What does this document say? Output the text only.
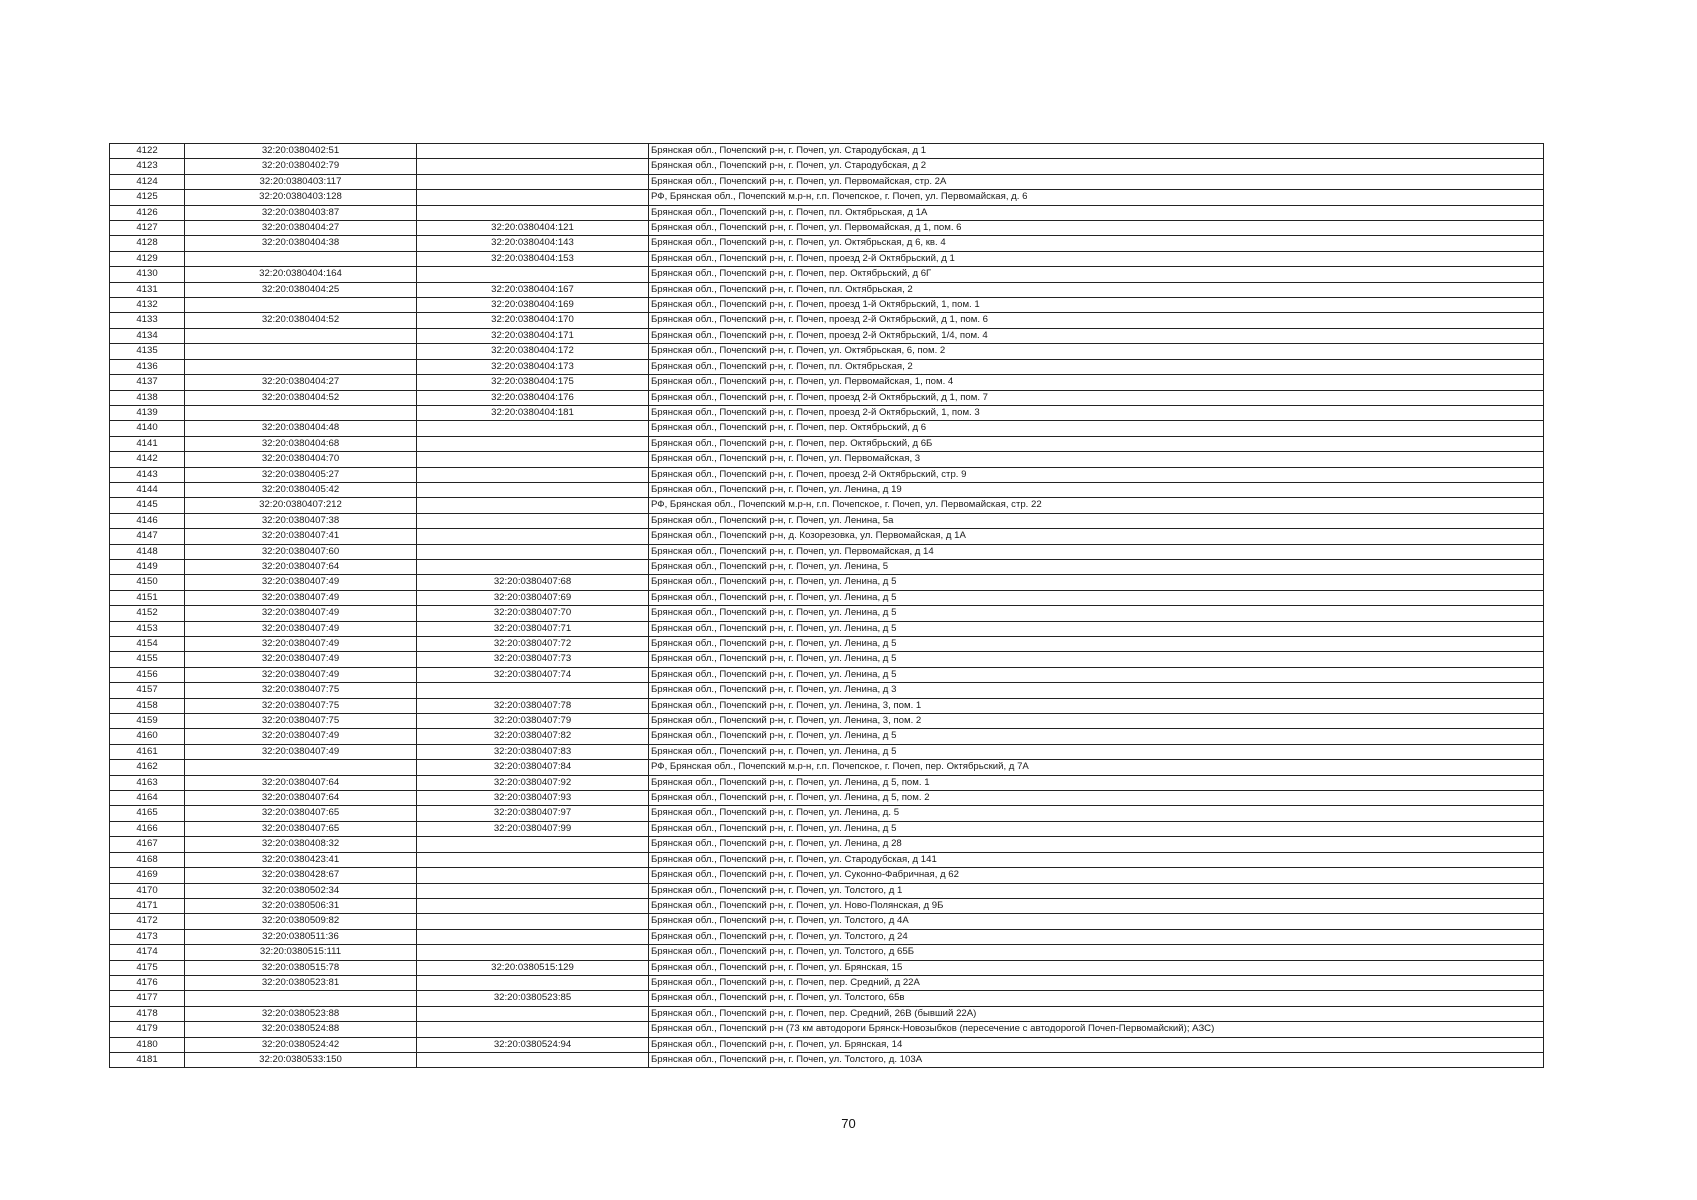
4122	32:20:0380402:51		Брянская обл., Почепский р-н, г. Почеп, ул. Стародубская, д 1
4123	32:20:0380402:79		Брянская обл., Почепский р-н, г. Почеп, ул. Стародубская, д 2
4124	32:20:0380403:117		Брянская обл., Почепский р-н, г. Почеп, ул. Первомайская, стр. 2А
4125	32:20:0380403:128		РФ, Брянская обл., Почепский м.р-н, г.п. Почепское, г. Почеп, ул. Первомайская, д. 6
4126	32:20:0380403:87		Брянская обл., Почепский р-н, г. Почеп, пл. Октябрьская, д 1А
4127	32:20:0380404:27	32:20:0380404:121	Брянская обл., Почепский р-н, г. Почеп, ул. Первомайская, д 1, пом. 6
4128	32:20:0380404:38	32:20:0380404:143	Брянская обл., Почепский р-н, г. Почеп, ул. Октябрьская, д 6, кв. 4
4129		32:20:0380404:153	Брянская обл., Почепский р-н, г. Почеп, проезд 2-й Октябрьский, д 1
4130	32:20:0380404:164		Брянская обл., Почепский р-н, г. Почеп, пер. Октябрьский, д 6Г
4131	32:20:0380404:25	32:20:0380404:167	Брянская обл., Почепский р-н, г. Почеп, пл. Октябрьская, 2
4132		32:20:0380404:169	Брянская обл., Почепский р-н, г. Почеп, проезд 1-й Октябрьский, 1, пом. 1
4133	32:20:0380404:52	32:20:0380404:170	Брянская обл., Почепский р-н, г. Почеп, проезд 2-й Октябрьский, д 1, пом. 6
4134		32:20:0380404:171	Брянская обл., Почепский р-н, г. Почеп, проезд 2-й Октябрьский, 1/4, пом. 4
4135		32:20:0380404:172	Брянская обл., Почепский р-н, г. Почеп, ул. Октябрьская, 6, пом. 2
4136		32:20:0380404:173	Брянская обл., Почепский р-н, г. Почеп, пл. Октябрьская, 2
4137	32:20:0380404:27	32:20:0380404:175	Брянская обл., Почепский р-н, г. Почеп, ул. Первомайская, 1, пом. 4
4138	32:20:0380404:52	32:20:0380404:176	Брянская обл., Почепский р-н, г. Почеп, проезд 2-й Октябрьский, д 1, пом. 7
4139		32:20:0380404:181	Брянская обл., Почепский р-н, г. Почеп, проезд 2-й Октябрьский, 1, пом. 3
4140	32:20:0380404:48		Брянская обл., Почепский р-н, г. Почеп, пер. Октябрьский, д 6
4141	32:20:0380404:68		Брянская обл., Почепский р-н, г. Почеп, пер. Октябрьский, д 6Б
4142	32:20:0380404:70		Брянская обл., Почепский р-н, г. Почеп, ул. Первомайская, 3
4143	32:20:0380405:27		Брянская обл., Почепский р-н, г. Почеп, проезд 2-й Октябрьский, стр. 9
4144	32:20:0380405:42		Брянская обл., Почепский р-н, г. Почеп, ул. Ленина, д 19
4145	32:20:0380407:212		РФ, Брянская обл., Почепский м.р-н, г.п. Почепское, г. Почеп, ул. Первомайская, стр. 22
4146	32:20:0380407:38		Брянская обл., Почепский р-н, г. Почеп, ул. Ленина, 5а
4147	32:20:0380407:41		Брянская обл., Почепский р-н, д. Козорезовка, ул. Первомайская, д 1А
4148	32:20:0380407:60		Брянская обл., Почепский р-н, г. Почеп, ул. Первомайская, д 14
4149	32:20:0380407:64		Брянская обл., Почепский р-н, г. Почеп, ул. Ленина, 5
4150	32:20:0380407:49	32:20:0380407:68	Брянская обл., Почепский р-н, г. Почеп, ул. Ленина, д 5
4151	32:20:0380407:49	32:20:0380407:69	Брянская обл., Почепский р-н, г. Почеп, ул. Ленина, д 5
4152	32:20:0380407:49	32:20:0380407:70	Брянская обл., Почепский р-н, г. Почеп, ул. Ленина, д 5
4153	32:20:0380407:49	32:20:0380407:71	Брянская обл., Почепский р-н, г. Почеп, ул. Ленина, д 5
4154	32:20:0380407:49	32:20:0380407:72	Брянская обл., Почепский р-н, г. Почеп, ул. Ленина, д 5
4155	32:20:0380407:49	32:20:0380407:73	Брянская обл., Почепский р-н, г. Почеп, ул. Ленина, д 5
4156	32:20:0380407:49	32:20:0380407:74	Брянская обл., Почепский р-н, г. Почеп, ул. Ленина, д 5
4157	32:20:0380407:75		Брянская обл., Почепский р-н, г. Почеп, ул. Ленина, д 3
4158	32:20:0380407:75	32:20:0380407:78	Брянская обл., Почепский р-н, г. Почеп, ул. Ленина, 3, пом. 1
4159	32:20:0380407:75	32:20:0380407:79	Брянская обл., Почепский р-н, г. Почеп, ул. Ленина, 3, пом. 2
4160	32:20:0380407:49	32:20:0380407:82	Брянская обл., Почепский р-н, г. Почеп, ул. Ленина, д 5
4161	32:20:0380407:49	32:20:0380407:83	Брянская обл., Почепский р-н, г. Почеп, ул. Ленина, д 5
4162		32:20:0380407:84	РФ, Брянская обл., Почепский м.р-н, г.п. Почепское, г. Почеп, пер. Октябрьский, д 7А
4163	32:20:0380407:64	32:20:0380407:92	Брянская обл., Почепский р-н, г. Почеп, ул. Ленина, д 5, пом. 1
4164	32:20:0380407:64	32:20:0380407:93	Брянская обл., Почепский р-н, г. Почеп, ул. Ленина, д 5, пом. 2
4165	32:20:0380407:65	32:20:0380407:97	Брянская обл., Почепский р-н, г. Почеп, ул. Ленина, д. 5
4166	32:20:0380407:65	32:20:0380407:99	Брянская обл., Почепский р-н, г. Почеп, ул. Ленина, д 5
4167	32:20:0380408:32		Брянская обл., Почепский р-н, г. Почеп, ул. Ленина, д 28
4168	32:20:0380423:41		Брянская обл., Почепский р-н, г. Почеп, ул. Стародубская, д 141
4169	32:20:0380428:67		Брянская обл., Почепский р-н, г. Почеп, ул. Суконно-Фабричная, д 62
4170	32:20:0380502:34		Брянская обл., Почепский р-н, г. Почеп, ул. Толстого, д 1
4171	32:20:0380506:31		Брянская обл., Почепский р-н, г. Почеп, ул. Ново-Полянская, д 9Б
4172	32:20:0380509:82		Брянская обл., Почепский р-н, г. Почеп, ул. Толстого, д 4А
4173	32:20:0380511:36		Брянская обл., Почепский р-н, г. Почеп, ул. Толстого, д 24
4174	32:20:0380515:111		Брянская обл., Почепский р-н, г. Почеп, ул. Толстого, д 65Б
4175	32:20:0380515:78	32:20:0380515:129	Брянская обл., Почепский р-н, г. Почеп, ул. Брянская, 15
4176	32:20:0380523:81		Брянская обл., Почепский р-н, г. Почеп, пер. Средний, д 22А
4177		32:20:0380523:85	Брянская обл., Почепский р-н, г. Почеп, ул. Толстого, 65в
4178	32:20:0380523:88		Брянская обл., Почепский р-н, г. Почеп, пер. Средний, 26В (бывший 22А)
4179	32:20:0380524:88		Брянская обл., Почепский р-н (73 км автодороги Брянск-Новозыбков (пересечение с автодорогой Почеп-Первомайский); АЗС)
4180	32:20:0380524:42	32:20:0380524:94	Брянская обл., Почепский р-н, г. Почеп, ул. Брянская, 14
4181	32:20:0380533:150		Брянская обл., Почепский р-н, г. Почеп, ул. Толстого, д. 103А
70
